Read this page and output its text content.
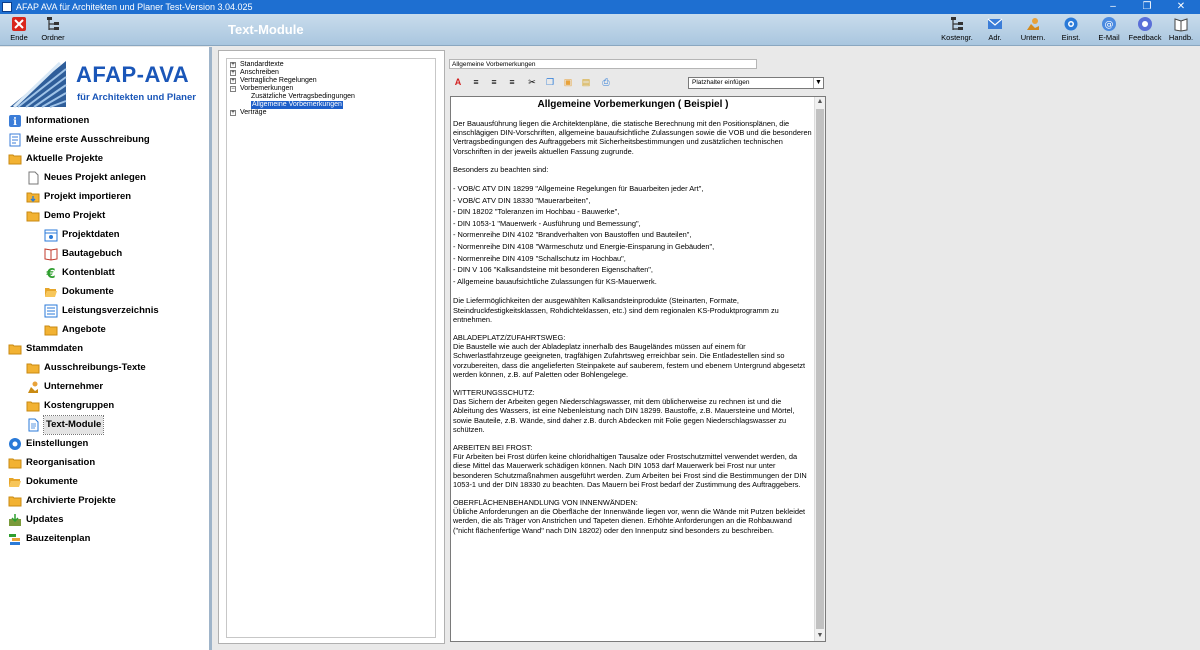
AFAP AVA für Architekten und Planer Test-Version 3.04.025	–	❐	✕
Ende	Ordner	Kostengr.	Adr.	Untern.	Einst.
@
E-Mail	Feedback Handb.
Text-Module
AFAP-AVA
für Architekten und Planer
i Informationen
Meine erste Ausschreibung
Aktuelle Projekte
Neues Projekt anlegen
Projekt importieren
Demo Projekt
Projektdaten
Bautagebuch
€ Kontenblatt
Dokumente
Leistungsverzeichnis
Angebote
Stammdaten
Ausschreibungs-Texte
Unternehmer
Kostengruppen
Text-Module
Einstellungen
Reorganisation
Dokumente
Archivierte Projekte
Updates
Bauzeitenplan
+ Standardtexte
+ Anschreiben
+ Vertragliche Regelungen
− Vorbemerkungen
Zusätzliche Vertragsbedingungen
Allgemeine Vorbemerkungen
+ Verträge
Allgemeine Vorbemerkungen
A ≡ ≡ ≡ ✂ ❐ ▣ ▤ ⎙	Platzhalter einfügen	▼
Allgemeine Vorbemerkungen ( Beispiel )

Der Bauausführung liegen die Architektenpläne, die statische Berechnung mit den Positionsplänen, die einschlägigen DIN-Vorschriften, allgemeine bauaufsichtliche Zulassungen sowie die VOB und die besonderen Vertragsbedingungen des Auftraggebers mit Sicherheitsbestimmungen und zusätzlichen technischen Vorschriften in der jeweils aktuellen Fassung zugrunde.

Besonders zu beachten sind:

- VOB/C ATV DIN 18299 "Allgemeine Regelungen für Bauarbeiten jeder Art",
- VOB/C ATV DIN 18330 "Mauerarbeiten",
- DIN 18202 "Toleranzen im Hochbau - Bauwerke",
- DIN 1053-1 "Mauerwerk - Ausführung und Bemessung",
- Normenreihe DIN 4102 "Brandverhalten von Baustoffen und Bauteilen",
- Normenreihe DIN 4108 "Wärmeschutz und Energie-Einsparung in Gebäuden",
- Normenreihe DIN 4109 "Schallschutz im Hochbau",
- DIN V 106 "Kalksandsteine mit besonderen Eigenschaften",
- Allgemeine bauaufsichtliche Zulassungen für KS-Mauerwerk.

Die Liefermöglichkeiten der ausgewählten Kalksandsteinprodukte (Steinarten, Formate, Steindruckfestigkeitsklassen, Rohdichteklassen, etc.) sind dem regionalen KS-Produktprogramm zu entnehmen.

ABLADEPLATZ/ZUFAHRTSWEG:
Die Baustelle wie auch der Abladeplatz innerhalb des Baugeländes müssen auf einem für Schwerlastfahrzeuge geeigneten, tragfähigen Zufahrtsweg erreichbar sein. Die Entladestellen sind so vorzubereiten, dass die angelieferten Steinpakete auf sauberem, festem und ebenem Untergrund abgesetzt werden können, z.B. auf Paletten oder Bohlengelege.
WITTERUNGSSCHUTZ:
Das Sichern der Arbeiten gegen Niederschlagswasser, mit dem üblicherweise zu rechnen ist und die Ableitung des Wassers, ist eine Nebenleistung nach DIN 18299. Baustoffe, z.B. Mauersteine und Mörtel, sowie Bauteile, z.B. Wände, sind daher z.B. durch Abdecken mit Folie gegen Niederschlagswasser zu schützen.
ARBEITEN BEI FROST:
Für Arbeiten bei Frost dürfen keine chloridhaltigen Tausalze oder Frostschutzmittel verwendet werden, da diese Mittel das Mauerwerk schädigen können. Nach DIN 1053 darf Mauerwerk bei Frost nur unter besonderen Schutzmaßnahmen ausgeführt werden. Zum Arbeiten bei Frost sind die Bestimmungen der DIN 1053-1 und der DIN 18330 zu beachten. Das Mauern bei Frost bedarf der Zustimmung des Auftraggebers.
OBERFLÄCHENBEHANDLUNG VON INNENWÄNDEN:
Übliche Anforderungen an die Oberfläche der Innenwände liegen vor, wenn die Wände mit Putzen bekleidet werden, die als Träger von Anstrichen und Tapeten dienen. Erhöhte Anforderungen an die Rohbauwand ("nicht flächenfertige Wand" nach DIN 18202) oder den Innenputz sind besonders zu beschreiben.
▲
▼
